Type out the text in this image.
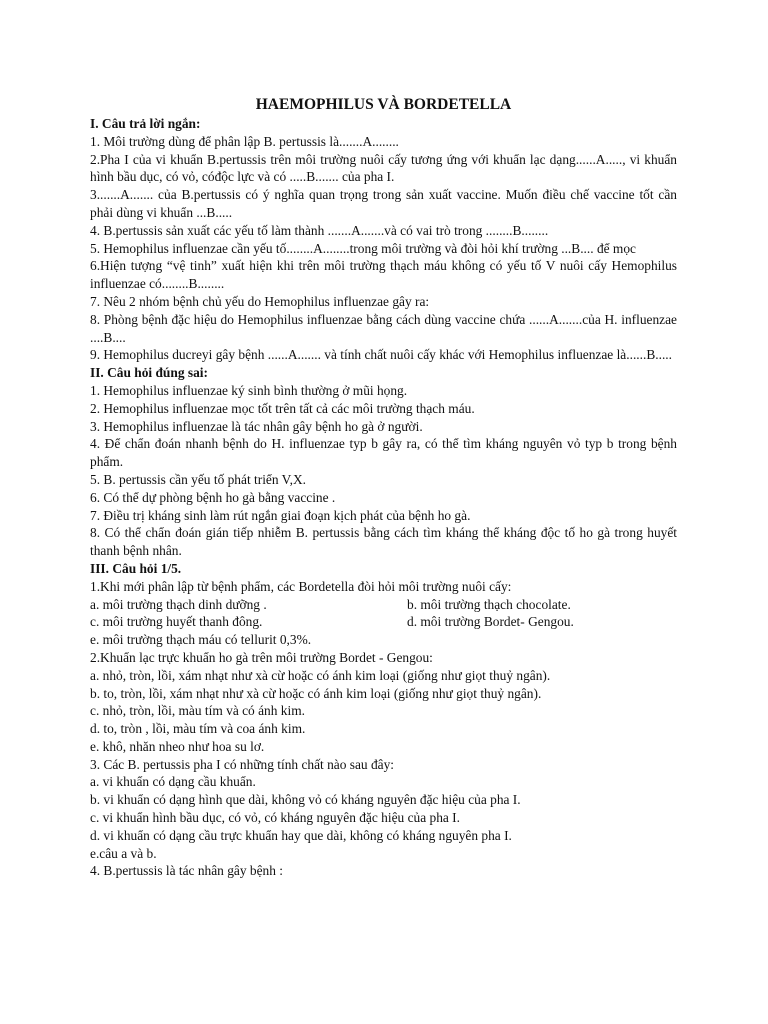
HAEMOPHILUS VÀ BORDETELLA
I. Câu trả lời ngắn:
1. Môi trường dùng để phân lập B. pertussis là.......A........
2.Pha I của vi khuẩn B.pertussis trên môi trường nuôi cấy tương ứng với khuẩn lạc dạng......A....., vi khuẩn hình bầu dục, có vỏ, cóđộc lực và có .....B....... của pha I.
3.......A....... của B.pertussis có ý nghĩa quan trọng trong sản xuất vaccine. Muốn điều chế vaccine tốt cần phải dùng vi khuẩn ...B.....
4. B.pertussis sản xuất các yếu tố làm thành .......A.......và có vai trò trong ........B........
5. Hemophilus influenzae cần yếu tố........A........trong môi trường và đòi hỏi khí trường ...B.... để mọc
6.Hiện tượng “vệ tinh” xuất hiện khi trên môi trường thạch máu không có yếu tố V nuôi cấy Hemophilus influenzae có........B........
7. Nêu 2 nhóm bệnh chủ yếu do Hemophilus influenzae gây ra:
8. Phòng bệnh đặc hiệu do Hemophilus influenzae bằng cách dùng vaccine chứa ......A.......của H. influenzae ....B....
9. Hemophilus ducreyi gây bệnh ......A....... và tính chất nuôi cấy khác với Hemophilus influenzae là......B.....
II. Câu hỏi đúng sai:
1. Hemophilus influenzae ký sinh bình thường ở mũi họng.
2. Hemophilus influenzae mọc tốt trên tất cả các môi trường thạch máu.
3. Hemophilus influenzae là tác nhân gây bệnh ho gà ở người.
4. Để chẩn đoán nhanh bệnh do H. influenzae typ b gây ra, có thể tìm kháng nguyên vỏ typ b trong bệnh phẩm.
5. B. pertussis cần yếu tố phát triển V,X.
6. Có thể dự phòng bệnh ho gà bằng vaccine .
7. Điều trị kháng sinh làm rút ngắn giai đoạn kịch phát của bệnh ho gà.
8. Có thể chẩn đoán gián tiếp nhiễm B. pertussis bằng cách tìm kháng thể kháng độc tố ho gà trong huyết thanh bệnh nhân.
III. Câu hỏi 1/5.
1.Khi mới phân lập từ bệnh phẩm, các Bordetella đòi hỏi môi trường nuôi cấy:
a. môi trường thạch dinh dưỡng .	b. môi trường thạch chocolate.
c. môi trường huyết thanh đông.	d. môi trường Bordet- Gengou.
e. môi trường thạch máu có tellurit 0,3%.
2.Khuẩn lạc trực khuẩn ho gà trên môi trường Bordet - Gengou:
a. nhỏ, tròn, lồi, xám nhạt như xà cừ hoặc có ánh kim loại (giống như giọt thuỷ ngân).
b. to, tròn, lồi, xám nhạt như xà cừ hoặc có ánh kim loại (giống như giọt thuỷ ngân).
c. nhỏ, tròn, lồi, màu tím và có ánh kim.
d. to, tròn , lồi, màu tím và coa ánh kim.
e. khô, nhăn nheo như hoa su lơ.
3. Các B. pertussis pha I có những tính chất nào sau đây:
a. vi khuẩn có dạng cầu khuẩn.
b. vi khuẩn có dạng hình que dài, không vỏ có kháng nguyên đặc hiệu của pha I.
c. vi khuẩn hình bầu dục, có vỏ, có kháng nguyên đặc hiệu của pha I.
d. vi khuẩn có dạng cầu trực khuẩn hay que dài, không có kháng nguyên pha I.
e.câu a và b.
4. B.pertussis là tác nhân gây bệnh :
